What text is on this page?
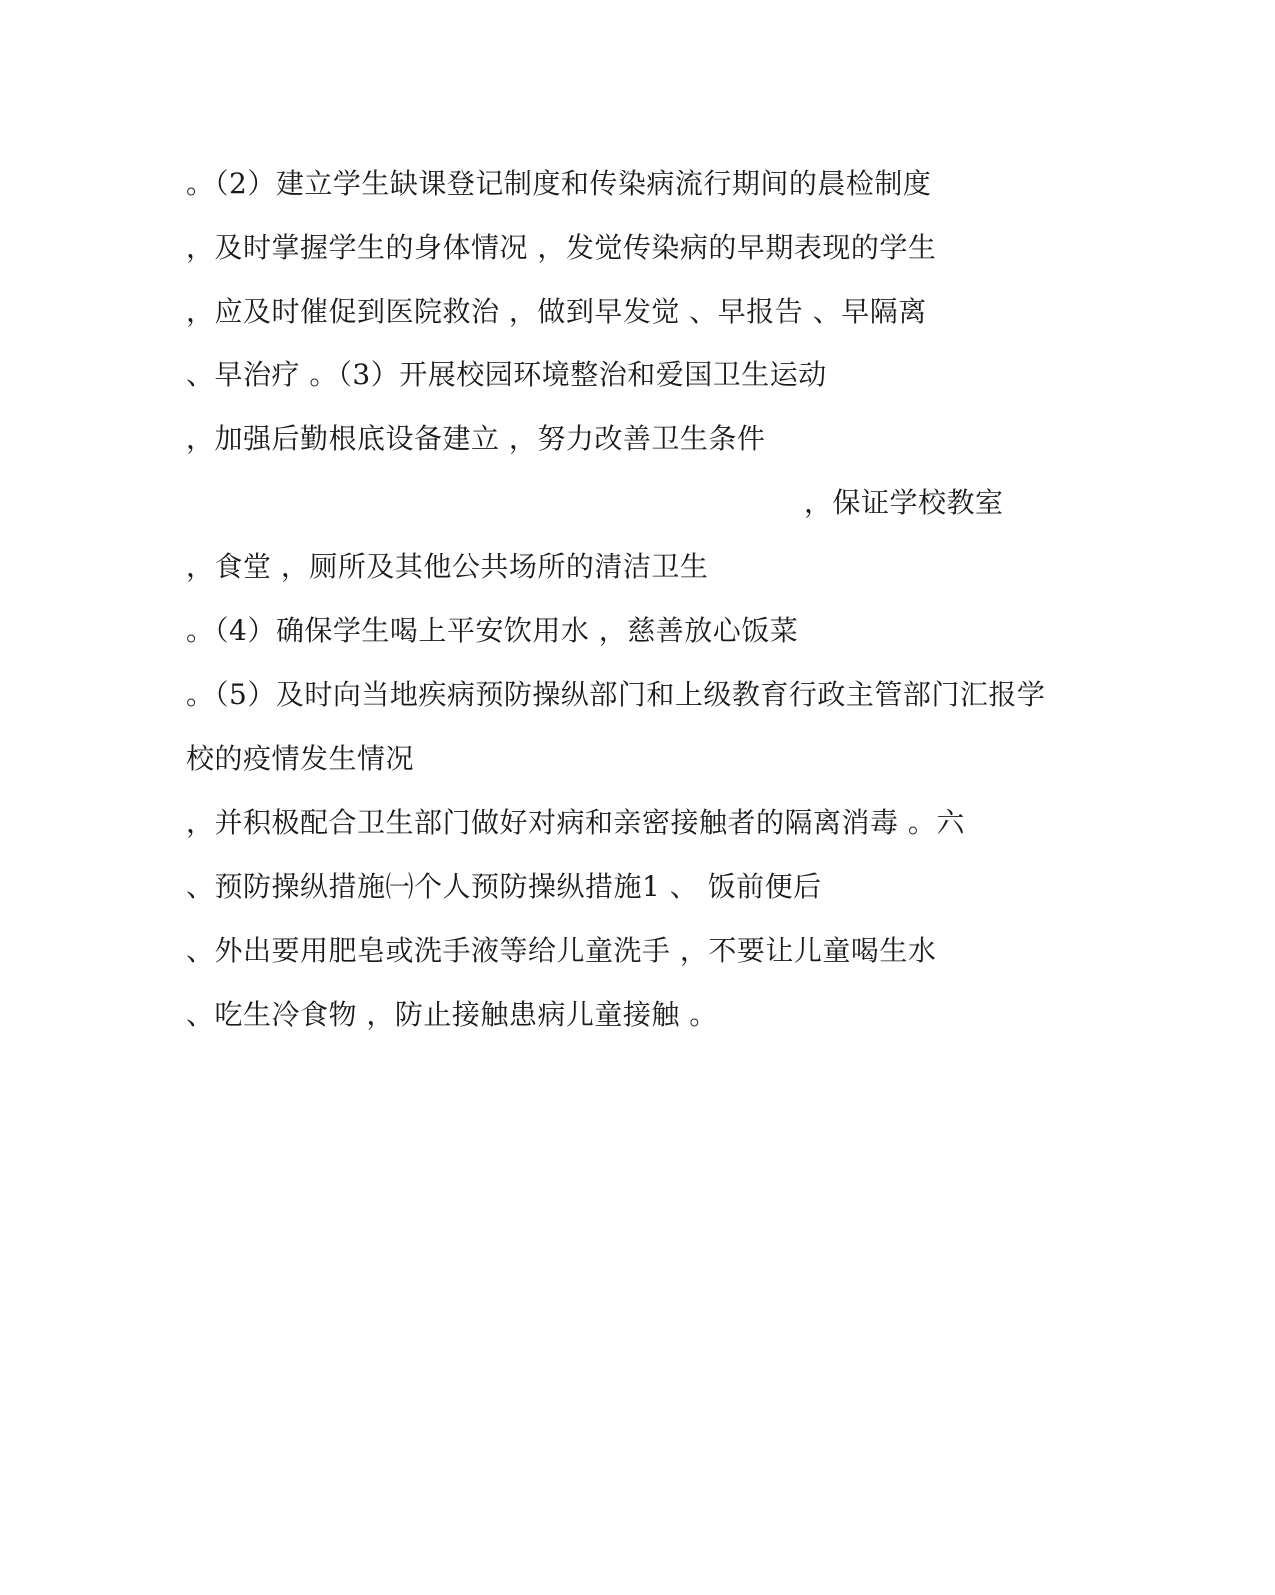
。（2）建立学生缺课登记制度和传染病流行期间的晨检制度
，及时掌握学生的身体情况 ，发觉传染病的早期表现的学生
，应及时催促到医院救治 ，做到早发觉 、早报告 、早隔离
、早治疗 。（3）开展校园环境整治和爱国卫生运动
，加强后勤根底设备建立 ，努力改善卫生条件
，保证学校教室
，食堂 ，厕所及其他公共场所的清洁卫生
。（4）确保学生喝上平安饮用水 ，慈善放心饭菜
。（5）及时向当地疾病预防操纵部门和上级教育行政主管部门汇报学
校的疫情发生情况
，并积极配合卫生部门做好对病和亲密接触者的隔离消毒 。六
、预防操纵措施㈠个人预防操纵措施1 、 饭前便后
、外出要用肥皂或洗手液等给儿童洗手 ，不要让儿童喝生水
、吃生冷食物 ，防止接触患病儿童接触 。
